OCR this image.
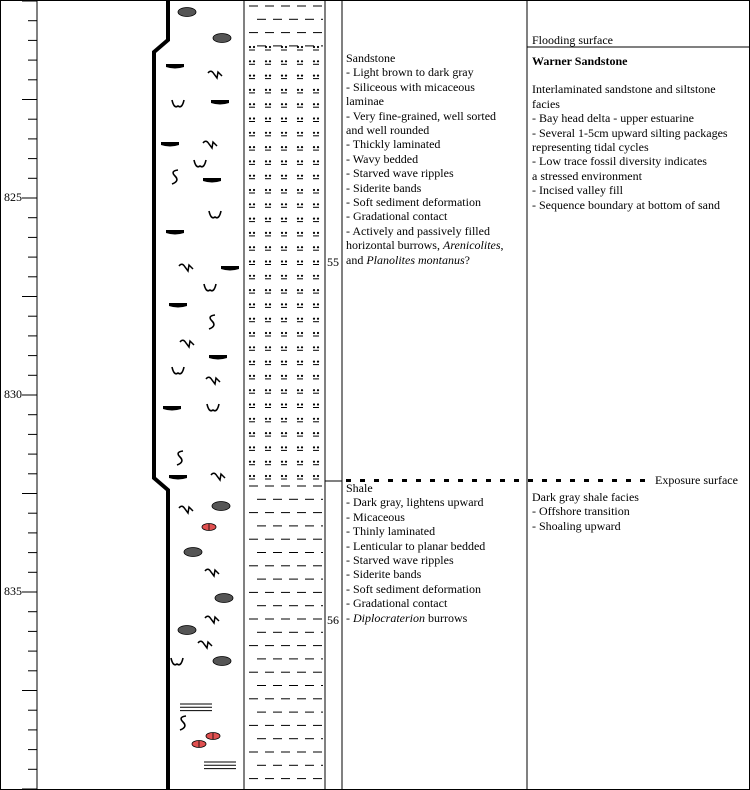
825
830
835
55
56
Flooding surface
Exposure surface
Sandstone
- Light brown to dark gray
- Siliceous with micaceous
laminae
- Very fine-grained, well sorted
and well rounded
- Thickly laminated
- Wavy bedded
- Starved wave ripples
- Siderite bands
- Soft sediment deformation
- Gradational contact
- Actively and passively filled
horizontal burrows, Arenicolites,
and Planolites montanus?
Warner Sandstone
Interlaminated sandstone and siltstone
facies
- Bay head delta - upper estuarine
- Several 1-5cm upward silting packages
representing tidal cycles
- Low trace fossil diversity indicates
a stressed environment
- Incised valley fill
- Sequence boundary at bottom of sand
Shale
- Dark gray, lightens upward
- Micaceous
- Thinly laminated
- Lenticular to planar bedded
- Starved wave ripples
- Siderite bands
- Soft sediment deformation
- Gradational contact
- Diplocraterion burrows
Dark gray shale facies
- Offshore transition
- Shoaling upward
